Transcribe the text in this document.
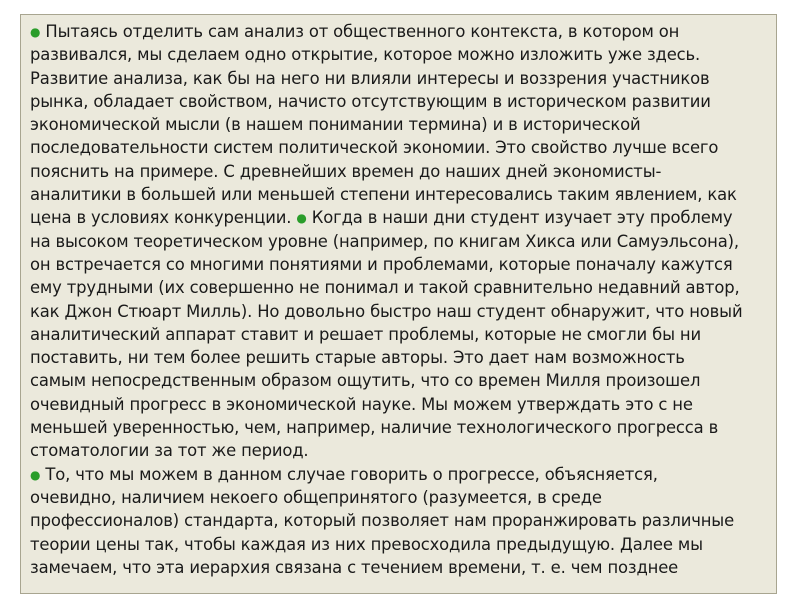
● Пытаясь отделить сам анализ от общественного контекста, в котором он
развивался, мы сделаем одно открытие, которое можно изложить уже здесь.
Развитие анализа, как бы на него ни влияли интересы и воззрения участников
рынка, обладает свойством, начисто отсутствующим в историческом развитии
экономической мысли (в нашем понимании термина) и в исторической
последовательности систем политической экономии. Это свойство лучше всего
пояснить на примере. С древнейших времен до наших дней экономисты-
аналитики в большей или меньшей степени интересовались таким явлением, как
цена в условиях конкуренции. ● Когда в наши дни студент изучает эту проблему
на высоком теоретическом уровне (например, по книгам Хикса или Самуэльсона),
он встречается со многими понятиями и проблемами, которые поначалу кажутся
ему трудными (их совершенно не понимал и такой сравнительно недавний автор,
как Джон Стюарт Милль). Но довольно быстро наш студент обнаружит, что новый
аналитический аппарат ставит и решает проблемы, которые не смогли бы ни
поставить, ни тем более решить старые авторы. Это дает нам возможность
самым непосредственным образом ощутить, что со времен Милля произошел
очевидный прогресс в экономической науке. Мы можем утверждать это с не
меньшей уверенностью, чем, например, наличие технологического прогресса в
стоматологии за тот же период.
● То, что мы можем в данном случае говорить о прогрессе, объясняется,
очевидно, наличием некоего общепринятого (разумеется, в среде
профессионалов) стандарта, который позволяет нам проранжировать различные
теории цены так, чтобы каждая из них превосходила предыдущую. Далее мы
замечаем, что эта иерархия связана с течением времени, т. е. чем позднее
